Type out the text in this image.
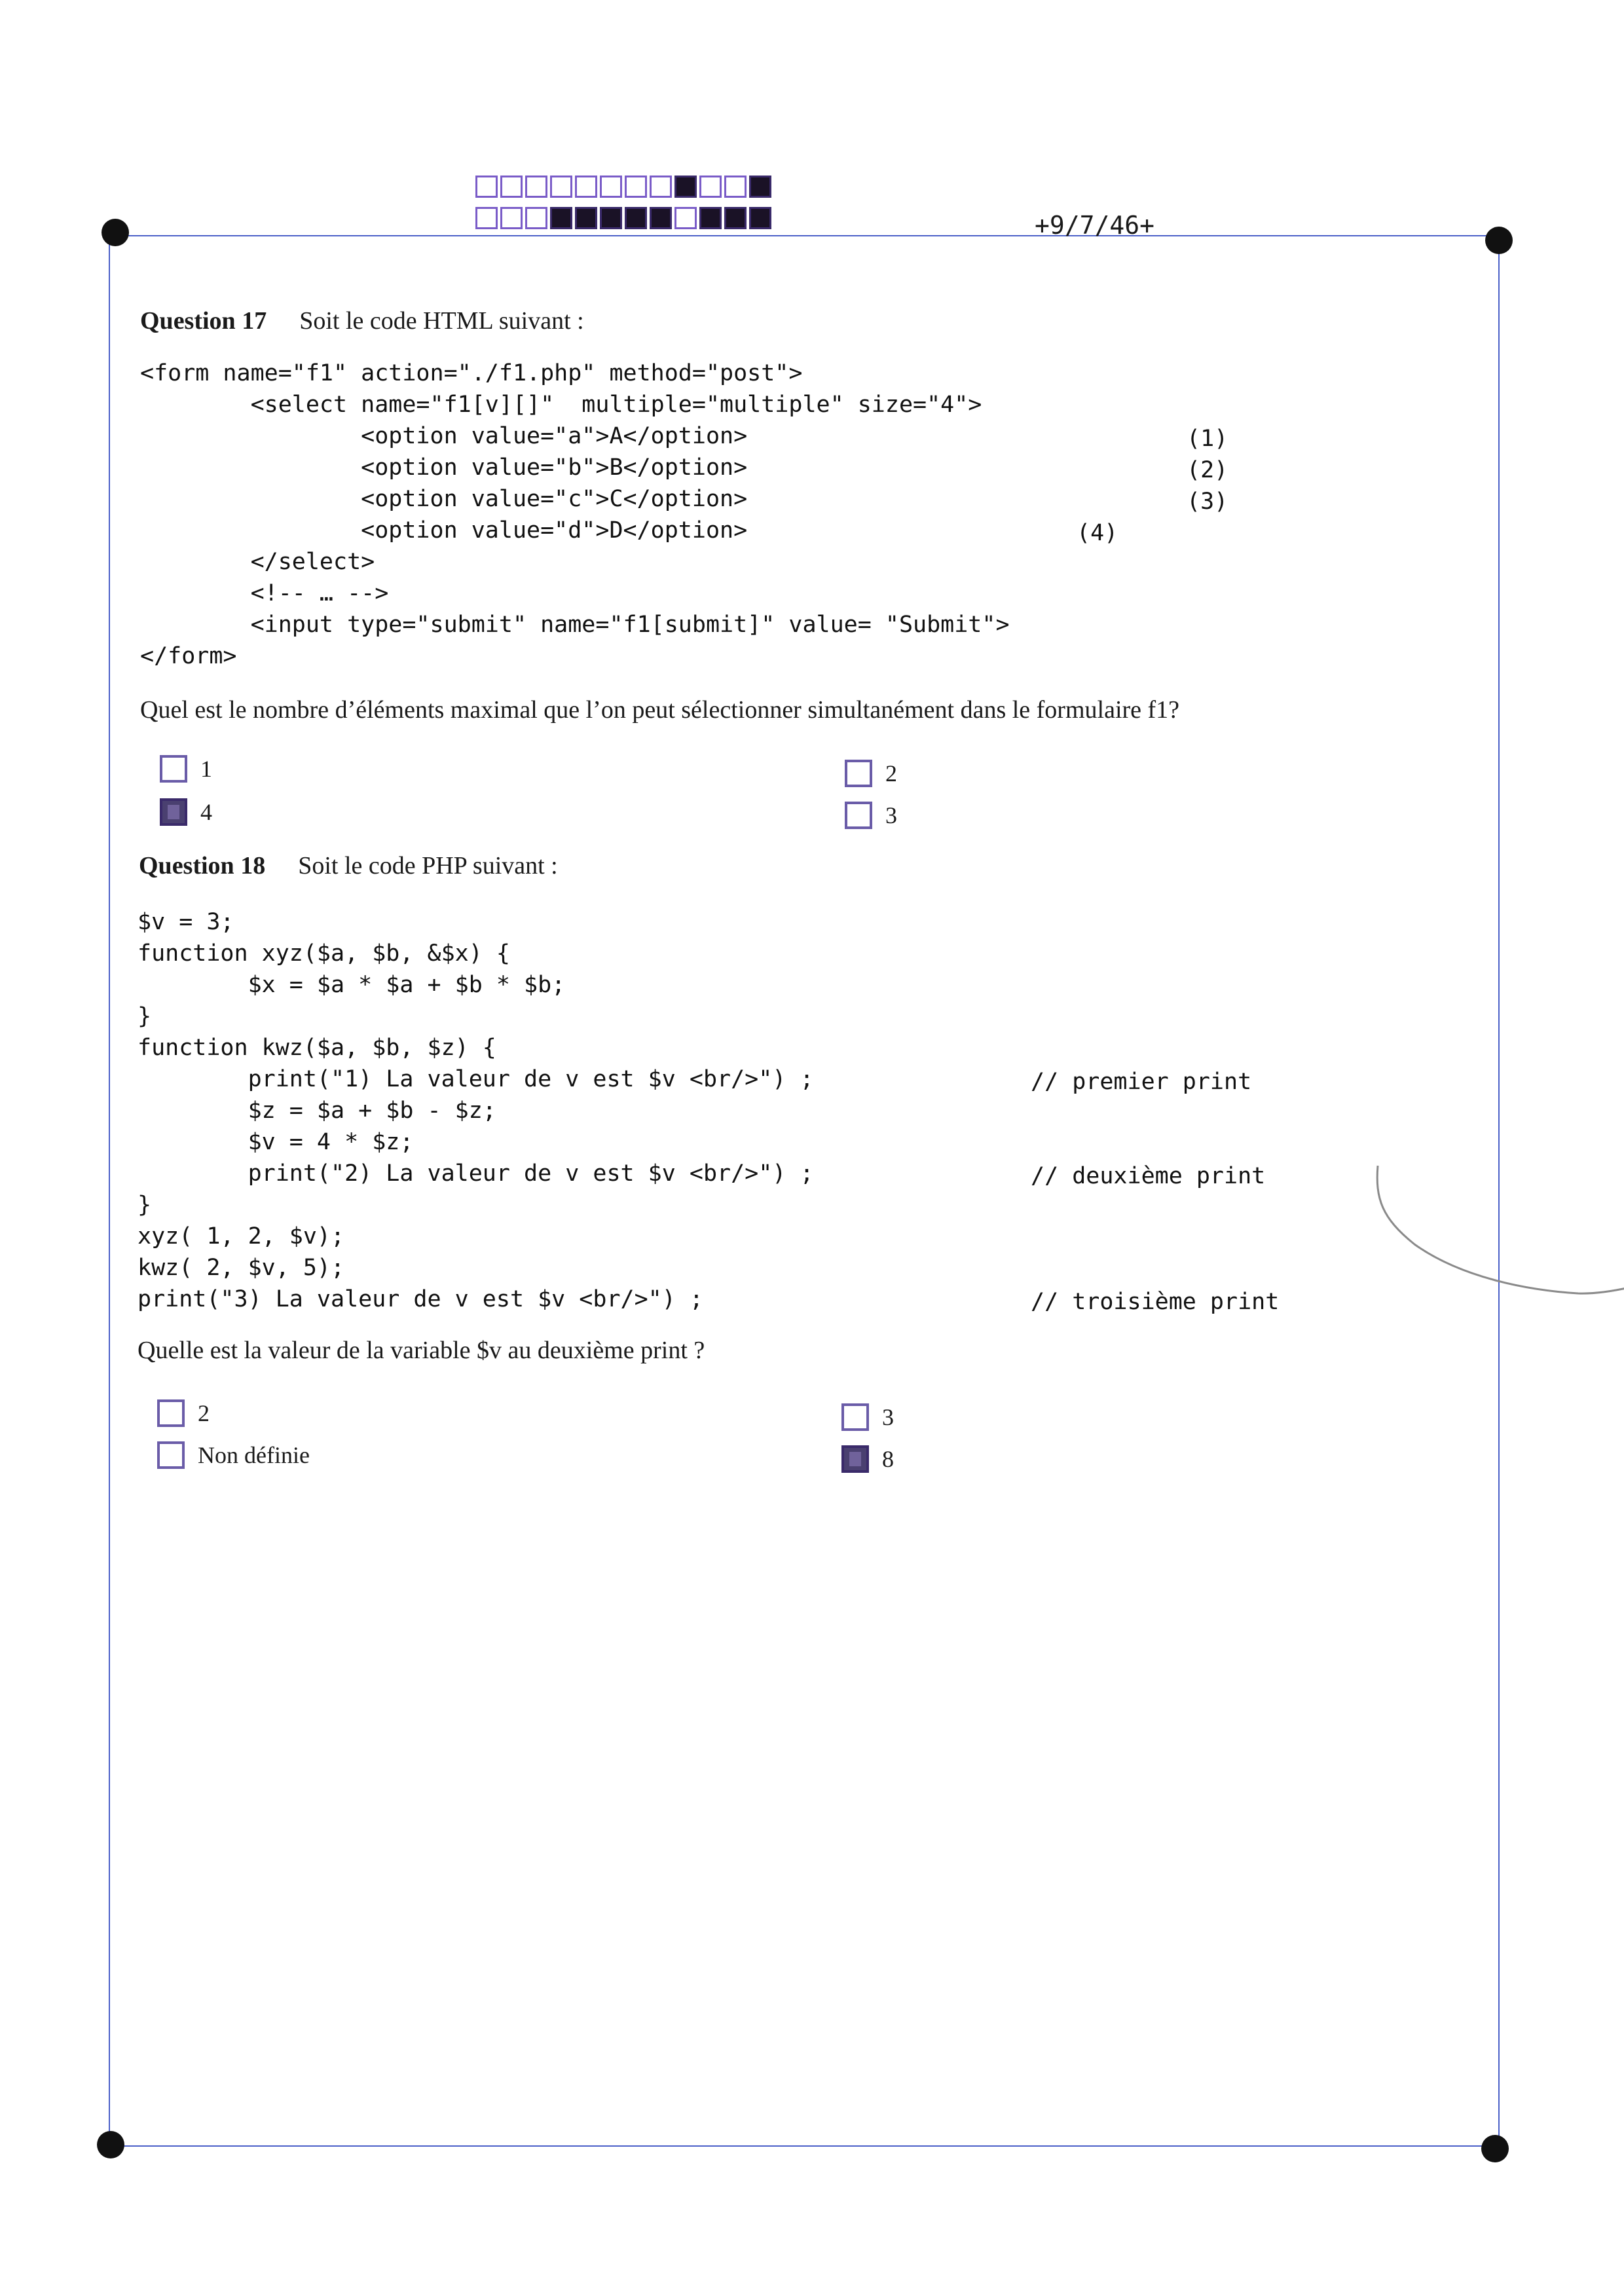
+9/7/46+
Question 17 Soit le code HTML suivant :
<form name="f1" action="./f1.php" method="post">
<select name="f1[v][]"  multiple="multiple" size="4">
<option value="a">A</option>
<option value="b">B</option>
<option value="c">C</option>
<option value="d">D</option>
</select>
<!-- … -->
<input type="submit" name="f1[submit]" value= "Submit">
</form>
(1)
(2)
(3)
(4)
Quel est le nombre d’éléments maximal que l’on peut sélectionner simultanément dans le formulaire f1?
1	2
4	3
Question 18 Soit le code PHP suivant :
$v = 3;
function xyz($a, $b, &$x) {
$x = $a * $a + $b * $b;
}
function kwz($a, $b, $z) {
print("1) La valeur de v est $v <br/>") ;
$z = $a + $b - $z;
$v = 4 * $z;
print("2) La valeur de v est $v <br/>") ;
}
xyz( 1, 2, $v);
kwz( 2, $v, 5);
print("3) La valeur de v est $v <br/>") ;
// premier print
// deuxième print
// troisième print
Quelle est la valeur de la variable $v au deuxième print ?
2	3
Non définie	8
